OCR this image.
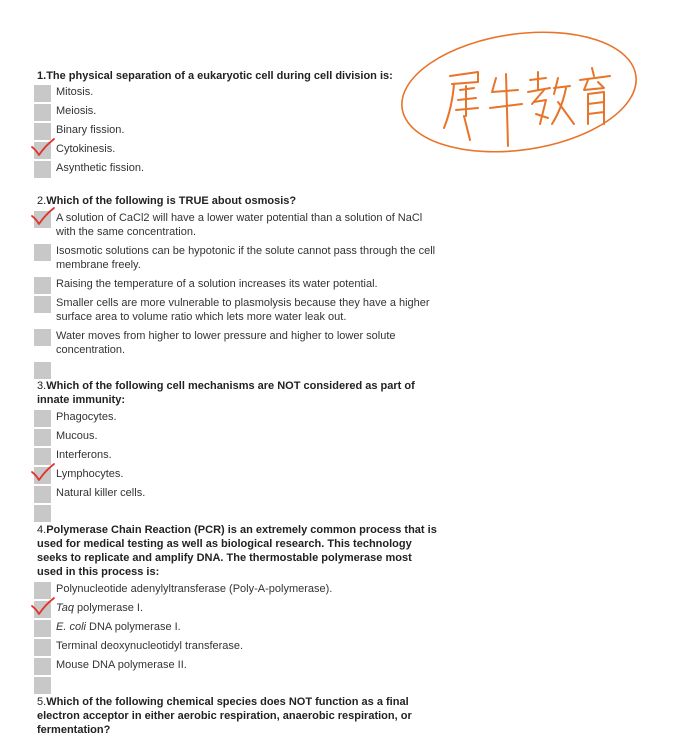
1.The physical separation of a eukaryotic cell during cell division is:
Mitosis.
Meiosis.
Binary fission.
Cytokinesis.
Asynthetic fission.
2.Which of the following is TRUE about osmosis?
A solution of CaCl2 will have a lower water potential than a solution of NaCl with the same concentration.
Isosmotic solutions can be hypotonic if the solute cannot pass through the cell membrane freely.
Raising the temperature of a solution increases its water potential.
Smaller cells are more vulnerable to plasmolysis because they have a higher surface area to volume ratio which lets more water leak out.
Water moves from higher to lower pressure and higher to lower solute concentration.
3.Which of the following cell mechanisms are NOT considered as part of innate immunity:
Phagocytes.
Mucous.
Interferons.
Lymphocytes.
Natural killer cells.
4.Polymerase Chain Reaction (PCR) is an extremely common process that is used for medical testing as well as biological research. This technology seeks to replicate and amplify DNA. The thermostable polymerase most used in this process is:
Polynucleotide adenylyltransferase (Poly-A-polymerase).
Taq polymerase I.
E. coli DNA polymerase I.
Terminal deoxynucleotidyl transferase.
Mouse DNA polymerase II.
5.Which of the following chemical species does NOT function as a final electron acceptor in either aerobic respiration, anaerobic respiration, or fermentation?
